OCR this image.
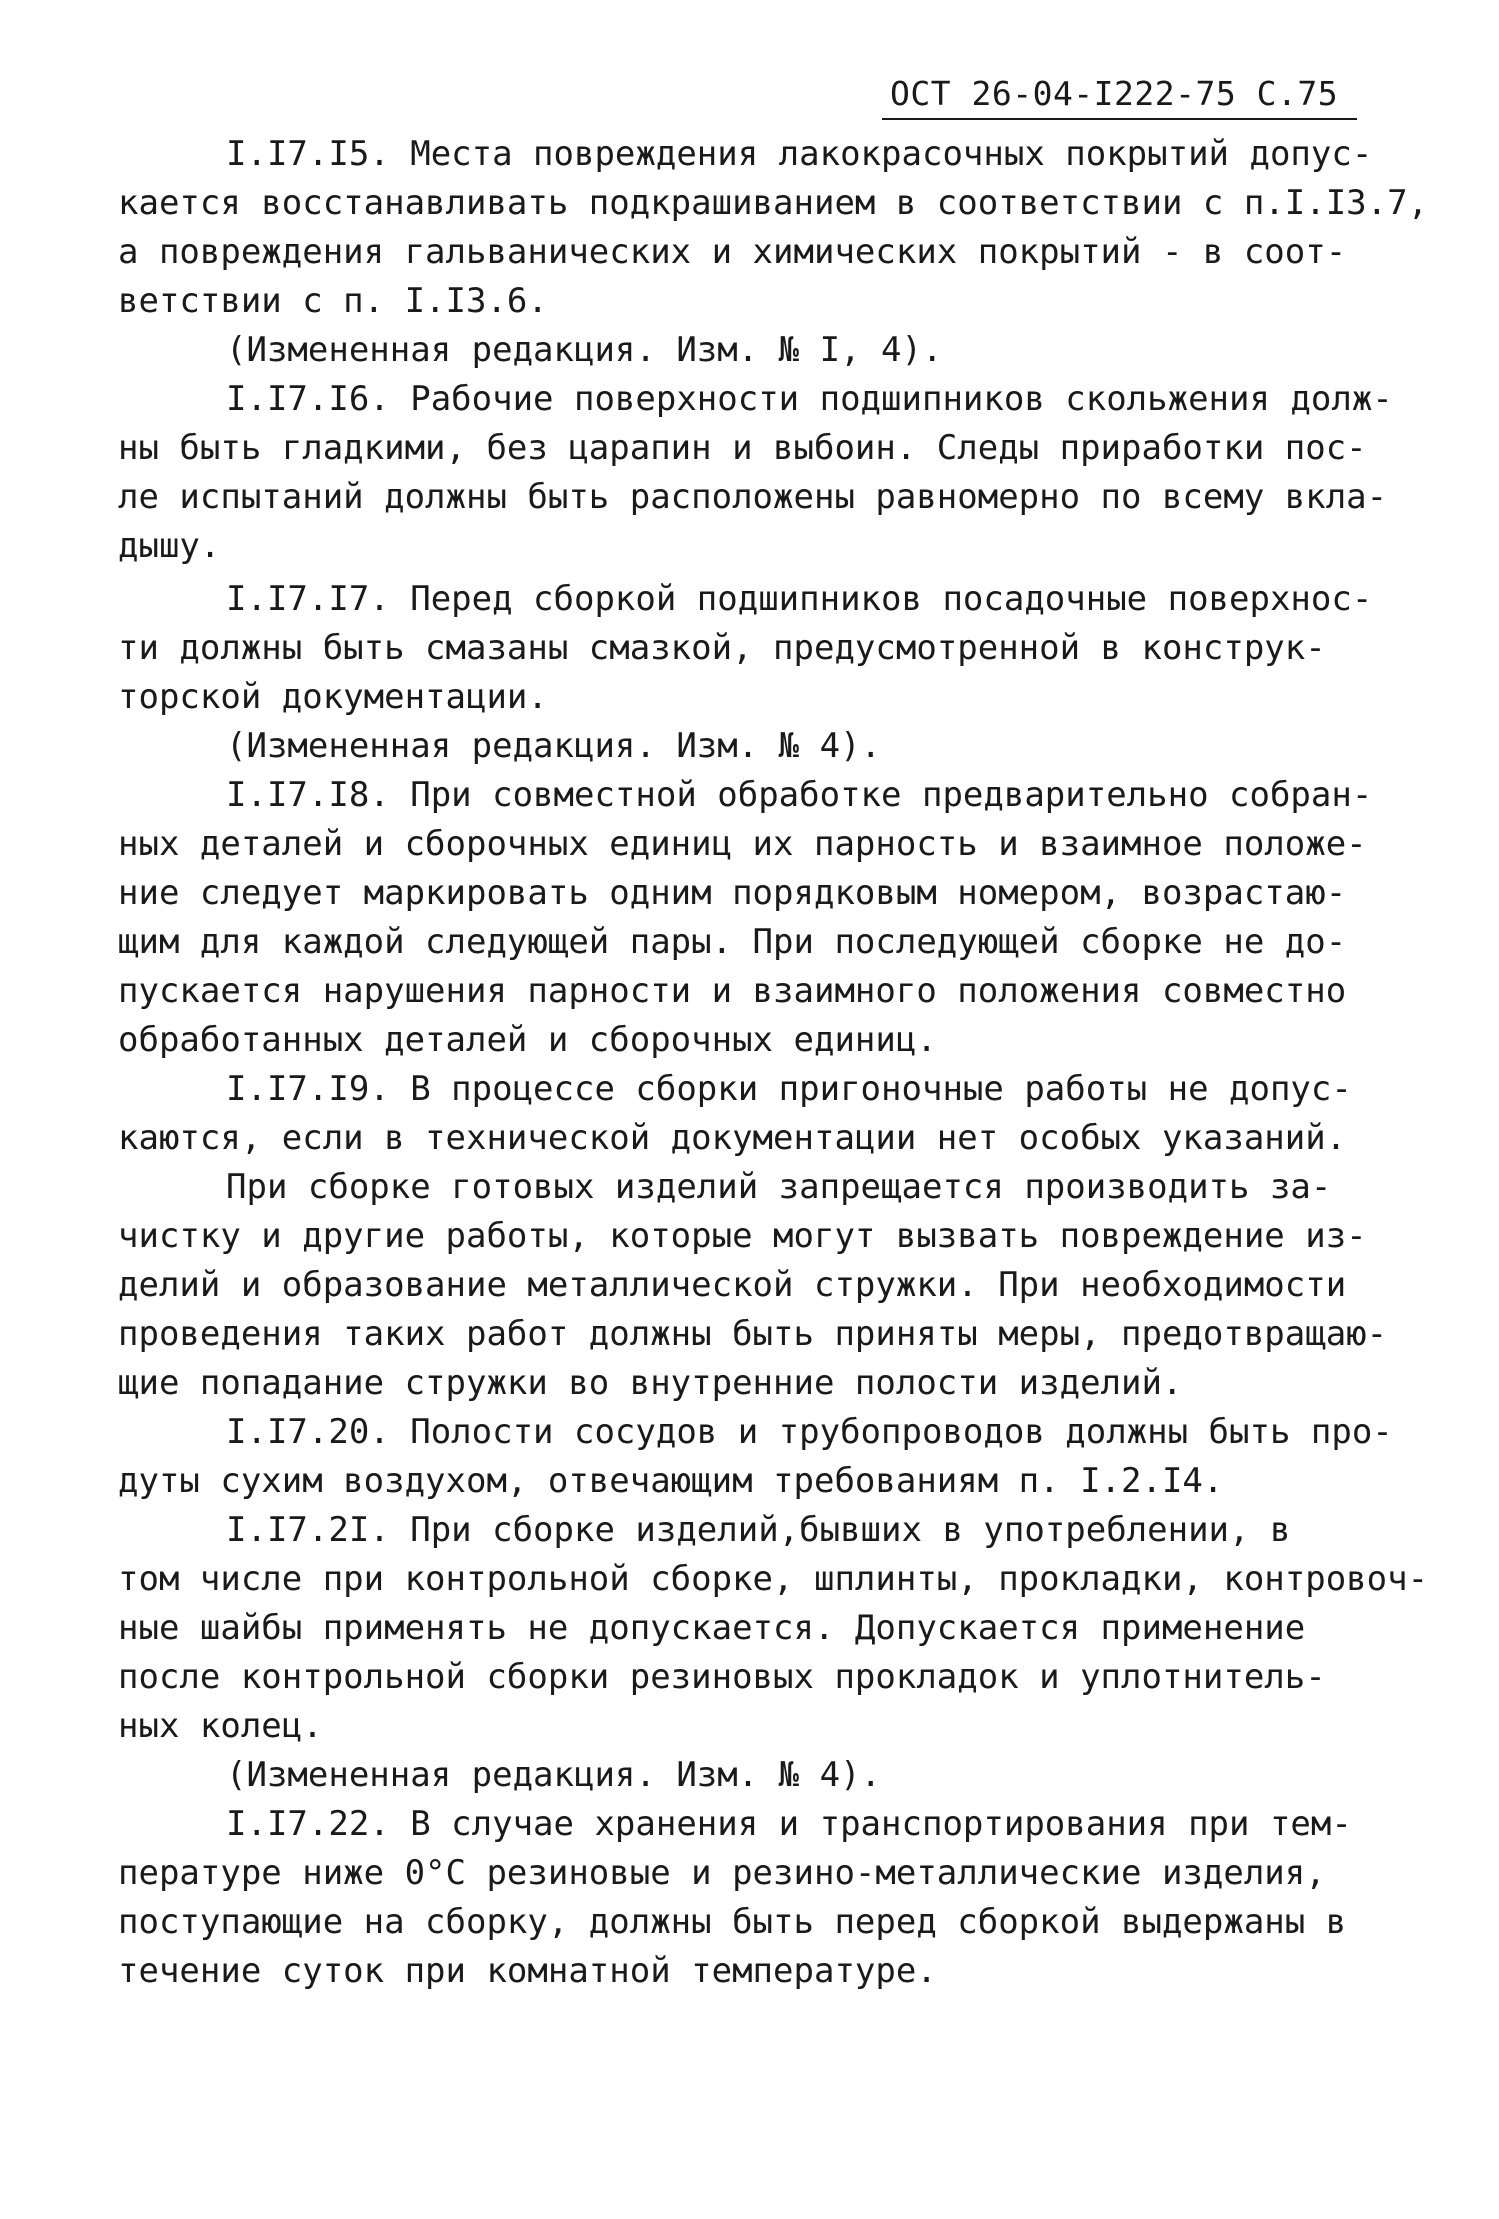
ОСТ 26-04-I222-75 С.75
I.I7.I5. Места повреждения лакокрасочных покрытий допус-
кается восстанавливать подкрашиванием в соответствии с п.I.I3.7,
а повреждения гальванических и химических покрытий - в соот-
ветствии с п. I.I3.6.
(Измененная редакция. Изм. № I, 4).
I.I7.I6. Рабочие поверхности подшипников скольжения долж-
ны быть гладкими, без царапин и выбоин. Следы приработки пос-
ле испытаний должны быть расположены равномерно по всему вкла-
дышу.
I.I7.I7. Перед сборкой подшипников посадочные поверхнос-
ти должны быть смазаны смазкой, предусмотренной в конструк-
торской документации.
(Измененная редакция. Изм. № 4).
I.I7.I8. При совместной обработке предварительно собран-
ных деталей и сборочных единиц их парность и взаимное положе-
ние следует маркировать одним порядковым номером, возрастаю-
щим для каждой следующей пары. При последующей сборке не до-
пускается нарушения парности и взаимного положения совместно
обработанных деталей и сборочных единиц.
I.I7.I9. В процессе сборки пригоночные работы не допус-
каются, если в технической документации нет особых указаний.
При сборке готовых изделий запрещается производить за-
чистку и другие работы, которые могут вызвать повреждение из-
делий и образование металлической стружки. При необходимости
проведения таких работ должны быть приняты меры, предотвращаю-
щие попадание стружки во внутренние полости изделий.
I.I7.20. Полости сосудов и трубопроводов должны быть про-
дуты сухим воздухом, отвечающим требованиям п. I.2.I4.
I.I7.2I. При сборке изделий,бывших в употреблении, в
том числе при контрольной сборке, шплинты, прокладки, контровоч-
ные шайбы применять не допускается. Допускается применение
после контрольной сборки резиновых прокладок и уплотнитель-
ных колец.
(Измененная редакция. Изм. № 4).
I.I7.22. В случае хранения и транспортирования при тем-
пературе ниже 0°С резиновые и резино-металлические изделия,
поступающие на сборку, должны быть перед сборкой выдержаны в
течение суток при комнатной температуре.
